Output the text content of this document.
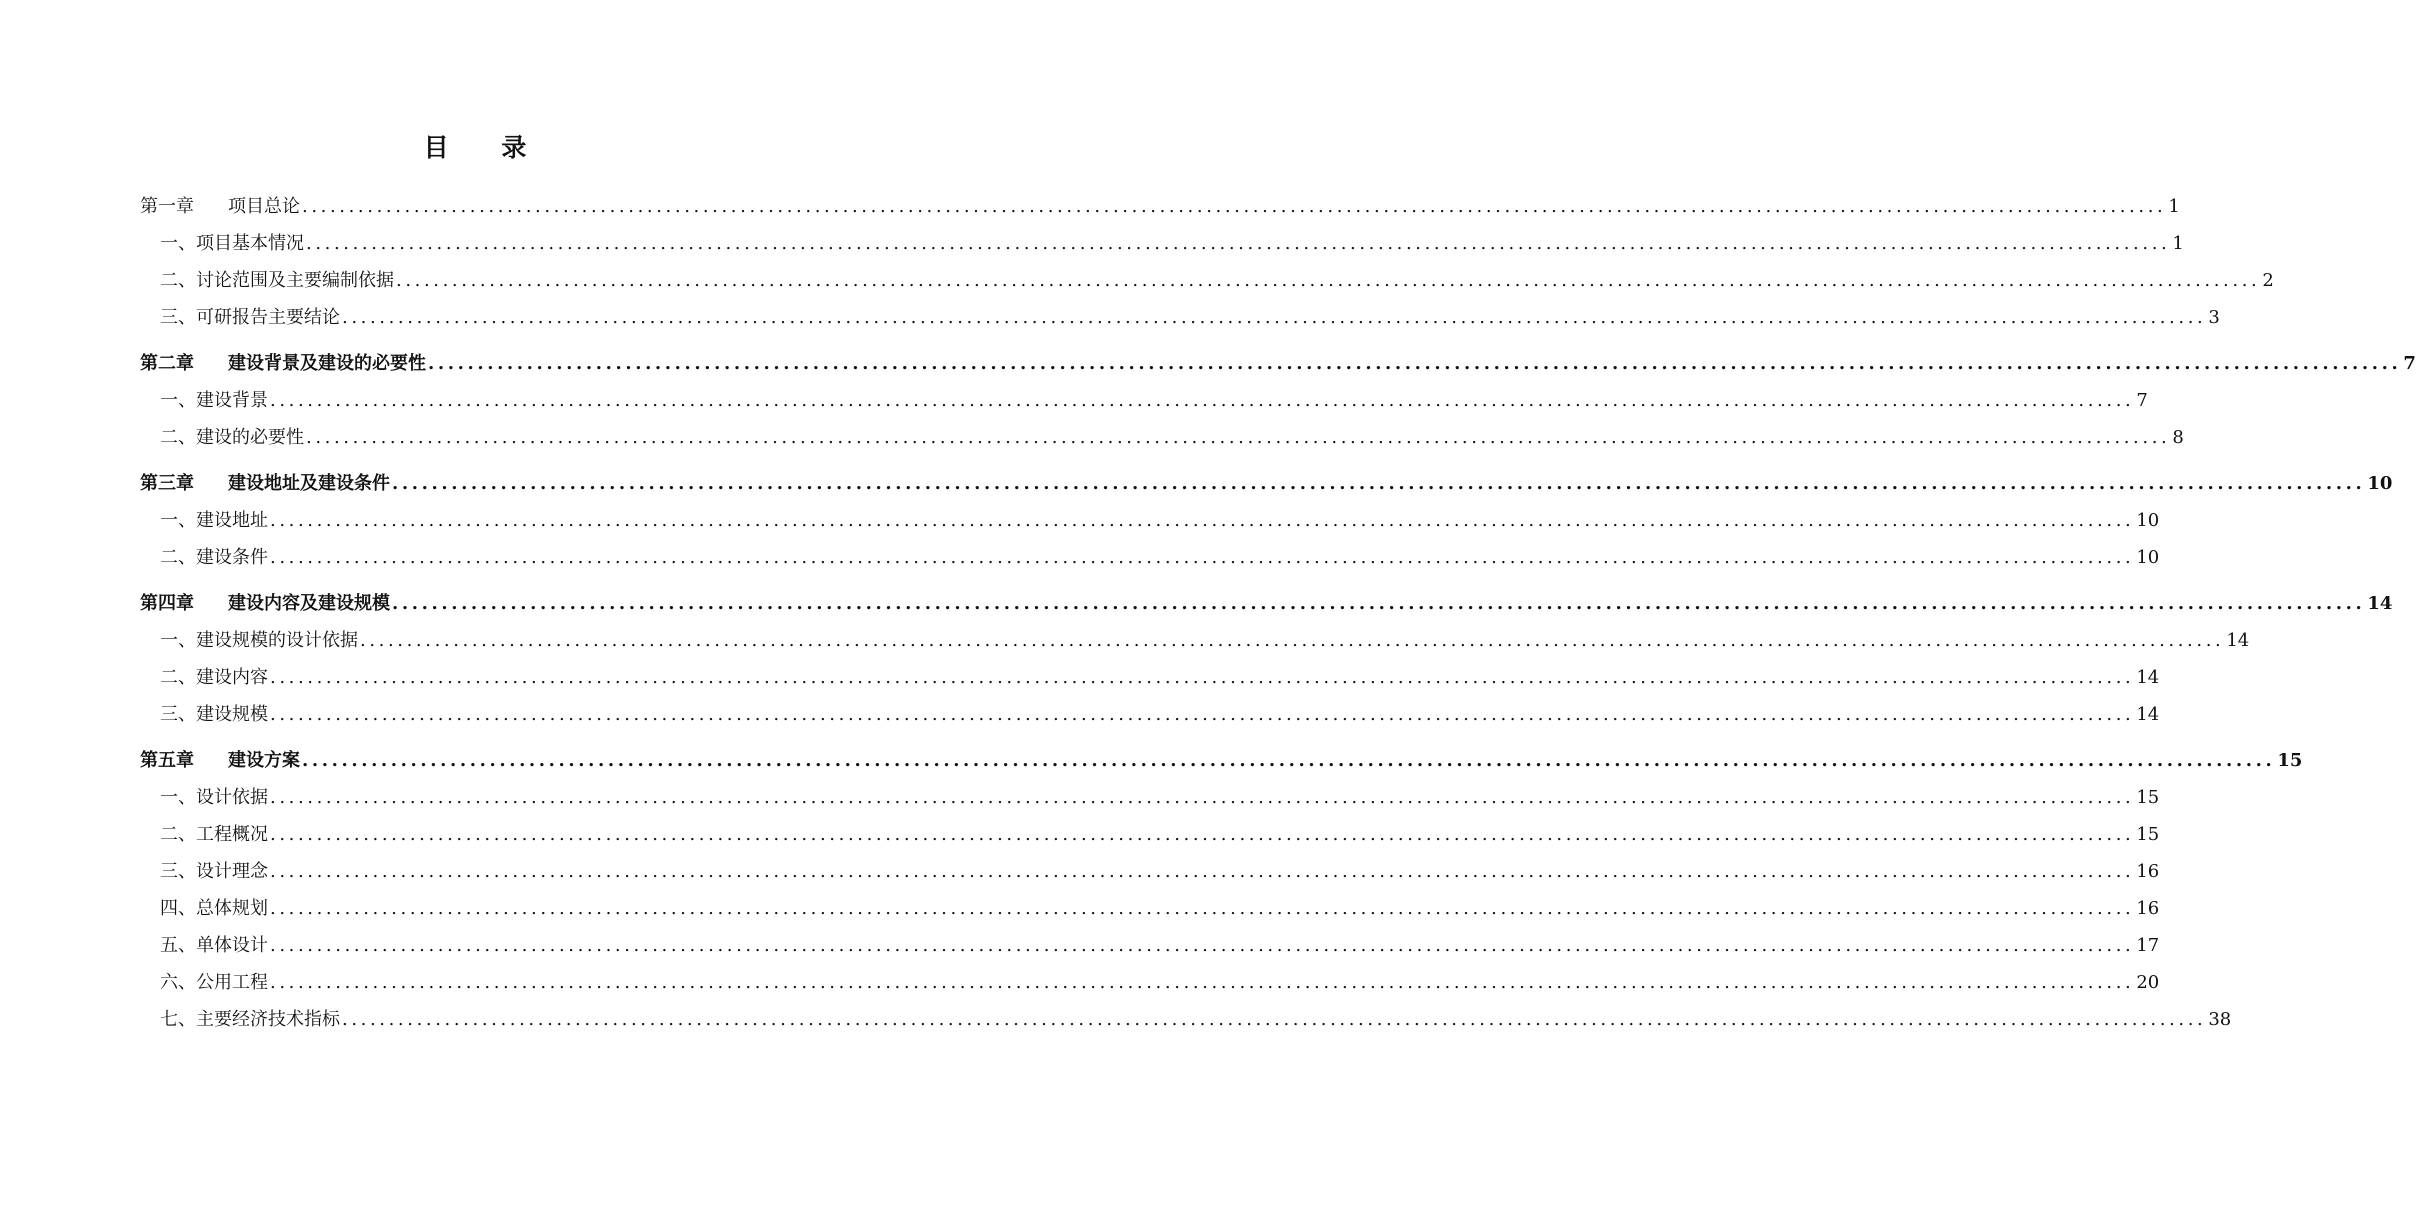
目 录
第一章 项目总论 ........................................................................................................................................................................................................ 1
一、项目基本情况 ........................................................................................................................................................................................................ 1
二、讨论范围及主要编制依据 ........................................................................................................................................................................................................ 2
三、可研报告主要结论 ........................................................................................................................................................................................................ 3
第二章 建设背景及建设的必要性 ........................................................................................................................................................................................................ 7
一、建设背景 ........................................................................................................................................................................................................ 7
二、建设的必要性 ........................................................................................................................................................................................................ 8
第三章 建设地址及建设条件 ........................................................................................................................................................................................................ 10
一、建设地址 ........................................................................................................................................................................................................ 10
二、建设条件 ........................................................................................................................................................................................................ 10
第四章 建设内容及建设规模 ........................................................................................................................................................................................................ 14
一、建设规模的设计依据 ........................................................................................................................................................................................................ 14
二、建设内容 ........................................................................................................................................................................................................ 14
三、建设规模 ........................................................................................................................................................................................................ 14
第五章 建设方案 ........................................................................................................................................................................................................ 15
一、设计依据 ........................................................................................................................................................................................................ 15
二、工程概况 ........................................................................................................................................................................................................ 15
三、设计理念 ........................................................................................................................................................................................................ 16
四、总体规划 ........................................................................................................................................................................................................ 16
五、单体设计 ........................................................................................................................................................................................................ 17
六、公用工程 ........................................................................................................................................................................................................ 20
七、主要经济技术指标 ........................................................................................................................................................................................................ 38
